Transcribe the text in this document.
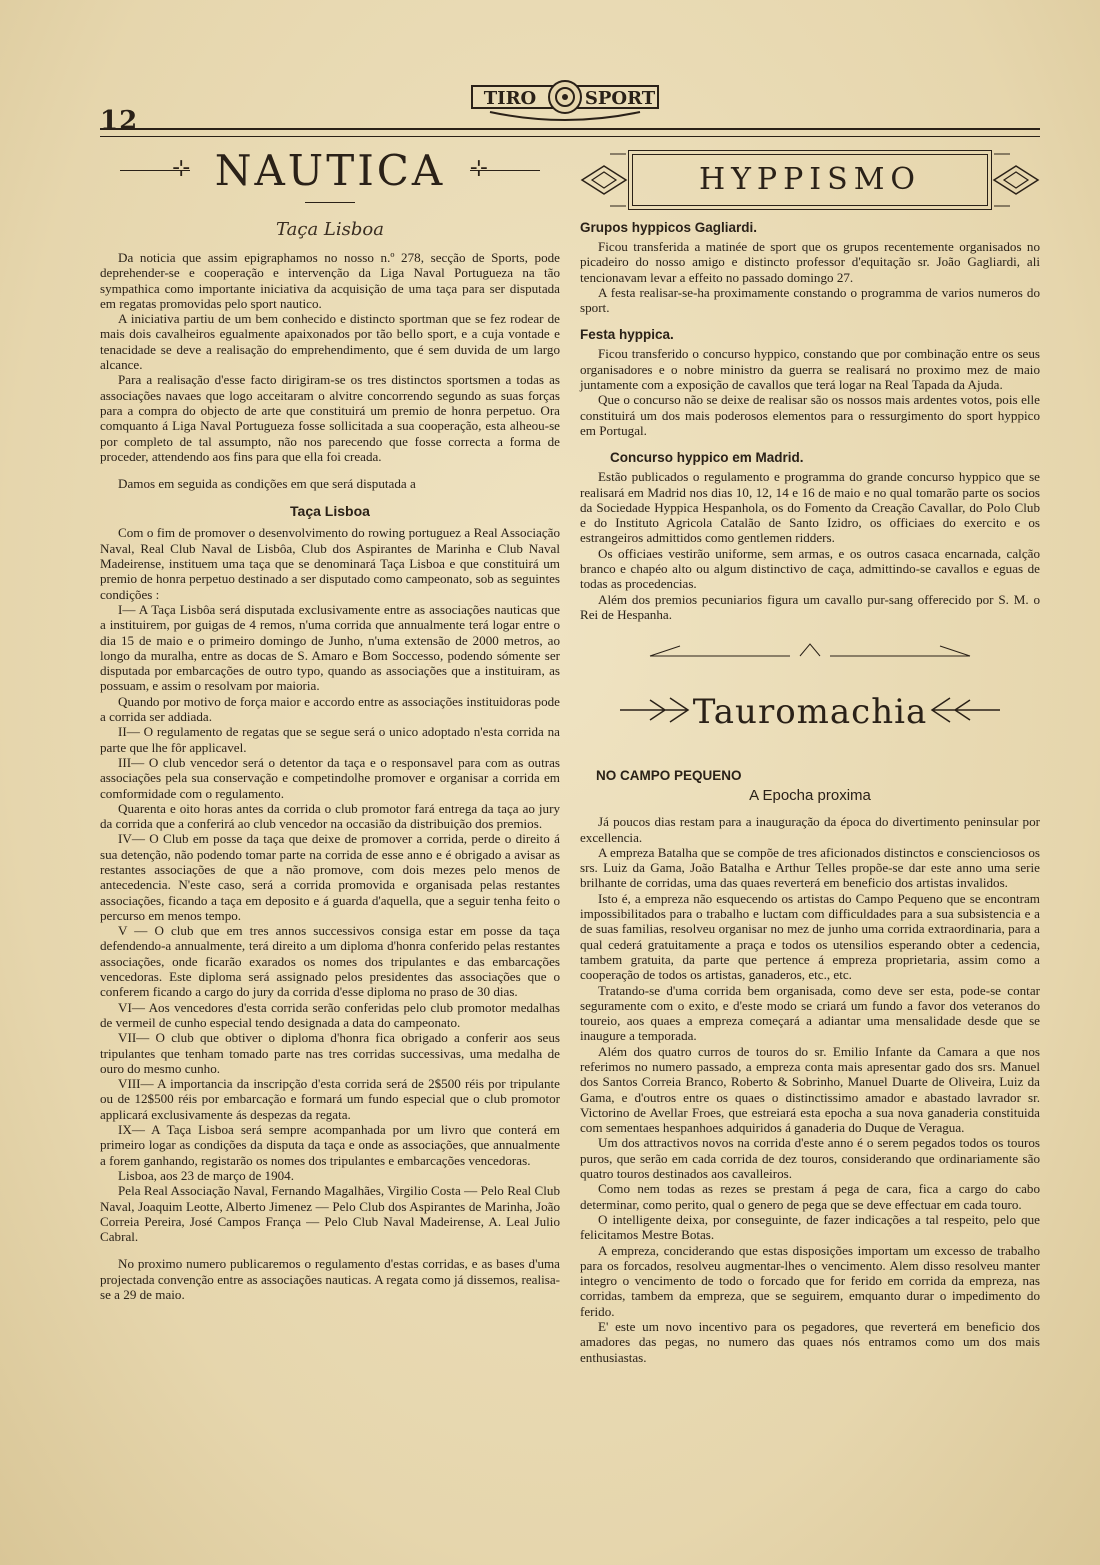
TIRO	SPORT
12
⊹ NAUTICA	⊹
Taça Lisboa

Da noticia que assim epigraphamos no nosso n.º 278, secção de Sports, pode deprehender-se e cooperação e intervenção da Liga Naval Portugueza na tão sympathica como importante iniciativa da acquisição de uma taça para ser disputada em regatas promovidas pelo sport nautico.

A iniciativa partiu de um bem conhecido e distincto sportman que se fez rodear de mais dois cavalheiros egualmente apaixonados por tão bello sport, e a cuja vontade e tenacidade se deve a realisação do emprehendimento, que é sem duvida de um largo alcance.

Para a realisação d'esse facto dirigiram-se os tres distinctos sportsmen a todas as associações navaes que logo acceitaram o alvitre concorrendo segundo as suas forças para a compra do objecto de arte que constituirá um premio de honra perpetuo. Ora comquanto á Liga Naval Portugueza fosse sollicitada a sua cooperação, esta alheou-se por completo de tal assumpto, não nos parecendo que fosse correcta a forma de proceder, attendendo aos fins para que ella foi creada.

Damos em seguida as condições em que será disputada a

Taça Lisboa

Com o fim de promover o desenvolvimento do rowing portuguez a Real Associação Naval, Real Club Naval de Lisbôa, Club dos Aspirantes de Marinha e Club Naval Madeirense, instituem uma taça que se denominará Taça Lisboa e que constituirá um premio de honra perpetuo destinado a ser disputado como campeonato, sob as seguintes condições :

I— A Taça Lisbôa será disputada exclusivamente entre as associações nauticas que a instituirem, por guigas de 4 remos, n'uma corrida que annualmente terá logar entre o dia 15 de maio e o primeiro domingo de Junho, n'uma extensão de 2000 metros, ao longo da muralha, entre as docas de S. Amaro e Bom Soccesso, podendo sómente ser disputada por embarcações de outro typo, quando as associações que a instituiram, as possuam, e assim o resolvam por maioria.

Quando por motivo de força maior e accordo entre as associações instituidoras pode a corrida ser addiada.

II— O regulamento de regatas que se segue será o unico adoptado n'esta corrida na parte que lhe fôr applicavel.

III— O club vencedor será o detentor da taça e o responsavel para com as outras associações pela sua conservação e competindolhe promover e organisar a corrida em comformidade com o regulamento.

Quarenta e oito horas antes da corrida o club promotor fará entrega da taça ao jury da corrida que a conferirá ao club vencedor na occasião da distribuição dos premios.

IV— O Club em posse da taça que deixe de promover a corrida, perde o direito á sua detenção, não podendo tomar parte na corrida de esse anno e é obrigado a avisar as restantes associações de que a não promove, com dois mezes pelo menos de antecedencia. N'este caso, será a corrida promovida e organisada pelas restantes associações, ficando a taça em deposito e á guarda d'aquella, que a seguir tenha feito o percurso em menos tempo.

V — O club que em tres annos successivos consiga estar em posse da taça defendendo-a annualmente, terá direito a um diploma d'honra conferido pelas restantes associações, onde ficarão exarados os nomes dos tripulantes e das embarcações vencedoras. Este diploma será assignado pelos presidentes das associações que o conferem ficando a cargo do jury da corrida d'esse diploma no praso de 30 dias.

VI— Aos vencedores d'esta corrida serão conferidas pelo club promotor medalhas de vermeil de cunho especial tendo designada a data do campeonato.

VII— O club que obtiver o diploma d'honra fica obrigado a conferir aos seus tripulantes que tenham tomado parte nas tres corridas successivas, uma medalha de ouro do mesmo cunho.

VIII— A importancia da inscripção d'esta corrida será de 2$500 réis por tripulante ou de 12$500 réis por embarcação e formará um fundo especial que o club promotor applicará exclusivamente ás despezas da regata.

IX— A Taça Lisboa será sempre acompanhada por um livro que conterá em primeiro logar as condições da disputa da taça e onde as associações, que annualmente a forem ganhando, registarão os nomes dos tripulantes e embarcações vencedoras.

Lisboa, aos 23 de março de 1904.

Pela Real Associação Naval, Fernando Magalhães, Virgilio Costa — Pelo Real Club Naval, Joaquim Leotte, Alberto Jimenez — Pelo Club dos Aspirantes de Marinha, João Correia Pereira, José Campos França — Pelo Club Naval Madeirense, A. Leal Julio Cabral.

No proximo numero publicaremos o regulamento d'estas corridas, e as bases d'uma projectada convenção entre as associações nauticas. A regata como já dissemos, realisa-se a 29 de maio.

HYPPISMO
Grupos hyppicos Gagliardi.

Ficou transferida a matinée de sport que os grupos recentemente organisados no picadeiro do nosso amigo e distincto professor d'equitação sr. João Gagliardi, ali tencionavam levar a effeito no passado domingo 27.

A festa realisar-se-ha proximamente constando o programma de varios numeros do sport.

Festa hyppica.

Ficou transferido o concurso hyppico, constando que por combinação entre os seus organisadores e o nobre ministro da guerra se realisará no proximo mez de maio juntamente com a exposição de cavallos que terá logar na Real Tapada da Ajuda.

Que o concurso não se deixe de realisar são os nossos mais ardentes votos, pois elle constituirá um dos mais poderosos elementos para o ressurgimento do sport hyppico em Portugal.

Concurso hyppico em Madrid.

Estão publicados o regulamento e programma do grande concurso hyppico que se realisará em Madrid nos dias 10, 12, 14 e 16 de maio e no qual tomarão parte os socios da Sociedade Hyppica Hespanhola, os do Fomento da Creação Cavallar, do Polo Club e do Instituto Agricola Catalão de Santo Izidro, os officiaes do exercito e os estrangeiros admittidos como gentlemen ridders.

Os officiaes vestirão uniforme, sem armas, e os outros casaca encarnada, calção branco e chapéo alto ou algum distinctivo de caça, admittindo-se cavallos e eguas de todas as procedencias.

Além dos premios pecuniarios figura um cavallo pur-sang offerecido por S. M. o Rei de Hespanha.

Tauromachia
NO CAMPO PEQUENO
A Epocha proxima

Já poucos dias restam para a inauguração da época do divertimento peninsular por excellencia.

A empreza Batalha que se compõe de tres aficionados distinctos e conscienciosos os srs. Luiz da Gama, João Batalha e Arthur Telles propõe-se dar este anno uma serie brilhante de corridas, uma das quaes reverterá em beneficio dos artistas invalidos.

Isto é, a empreza não esquecendo os artistas do Campo Pequeno que se encontram impossibilitados para o trabalho e luctam com difficuldades para a sua subsistencia e a de suas familias, resolveu organisar no mez de junho uma corrida extraordinaria, para a qual cederá gratuitamente a praça e todos os utensilios esperando obter a cedencia, tambem gratuita, da parte que pertence á empreza proprietaria, assim como a cooperação de todos os artistas, ganaderos, etc., etc.

Tratando-se d'uma corrida bem organisada, como deve ser esta, pode-se contar seguramente com o exito, e d'este modo se criará um fundo a favor dos veteranos do toureio, aos quaes a empreza começará a adiantar uma mensalidade desde que se inaugure a temporada.

Além dos quatro curros de touros do sr. Emilio Infante da Camara a que nos referimos no numero passado, a empreza conta mais apresentar gado dos srs. Manuel dos Santos Correia Branco, Roberto & Sobrinho, Manuel Duarte de Oliveira, Luiz da Gama, e d'outros entre os quaes o distinctissimo amador e abastado lavrador sr. Victorino de Avellar Froes, que estreiará esta epocha a sua nova ganaderia constituida com sementaes hespanhoes adquiridos á ganaderia do Duque de Veragua.

Um dos attractivos novos na corrida d'este anno é o serem pegados todos os touros puros, que serão em cada corrida de dez touros, considerando que ordinariamente são quatro touros destinados aos cavalleiros.

Como nem todas as rezes se prestam á pega de cara, fica a cargo do cabo determinar, como perito, qual o genero de pega que se deve effectuar em cada touro.

O intelligente deixa, por conseguinte, de fazer indicações a tal respeito, pelo que felicitamos Mestre Botas.

A empreza, conciderando que estas disposições importam um excesso de trabalho para os forcados, resolveu augmentar-lhes o vencimento. Alem disso resolveu manter integro o vencimento de todo o forcado que for ferido em corrida da empreza, nas corridas, tambem da empreza, que se seguirem, emquanto durar o impedimento do ferido.

E' este um novo incentivo para os pegadores, que reverterá em beneficio dos amadores das pegas, no numero das quaes nós entramos como um dos mais enthusiastas.
